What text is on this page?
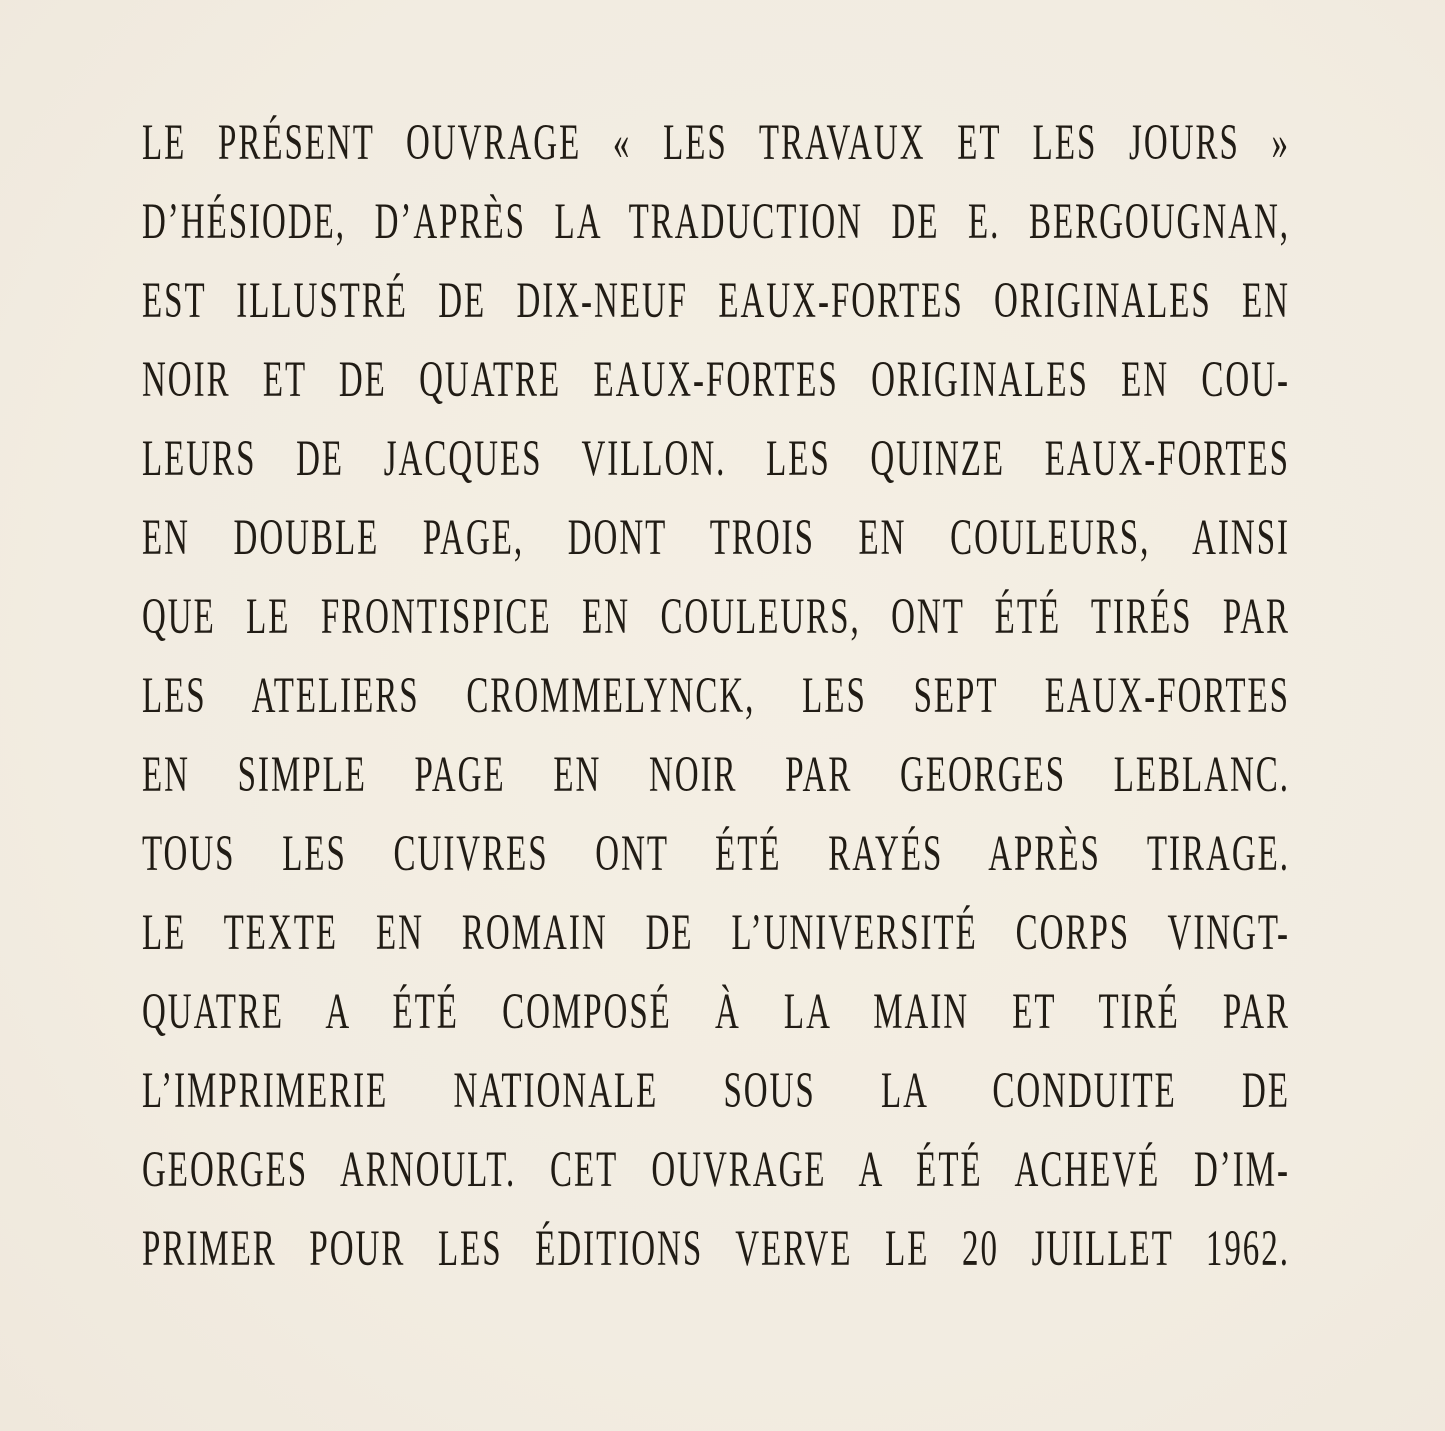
LE PRÉSENT OUVRAGE « LES TRAVAUX ET LES JOURS »
D’HÉSIODE, D’APRÈS LA TRADUCTION DE E. BERGOUGNAN,
EST ILLUSTRÉ DE DIX-NEUF EAUX-FORTES ORIGINALES EN
NOIR ET DE QUATRE EAUX-FORTES ORIGINALES EN COU-
LEURS DE JACQUES VILLON. LES QUINZE EAUX-FORTES
EN DOUBLE PAGE, DONT TROIS EN COULEURS, AINSI
QUE LE FRONTISPICE EN COULEURS, ONT ÉTÉ TIRÉS PAR
LES ATELIERS CROMMELYNCK, LES SEPT EAUX-FORTES
EN SIMPLE PAGE EN NOIR PAR GEORGES LEBLANC.
TOUS LES CUIVRES ONT ÉTÉ RAYÉS APRÈS TIRAGE.
LE TEXTE EN ROMAIN DE L’UNIVERSITÉ CORPS VINGT-
QUATRE A ÉTÉ COMPOSÉ À LA MAIN ET TIRÉ PAR
L’IMPRIMERIE NATIONALE SOUS LA CONDUITE DE
GEORGES ARNOULT. CET OUVRAGE A ÉTÉ ACHEVÉ D’IM-
PRIMER POUR LES ÉDITIONS VERVE LE 20 JUILLET 1962.
